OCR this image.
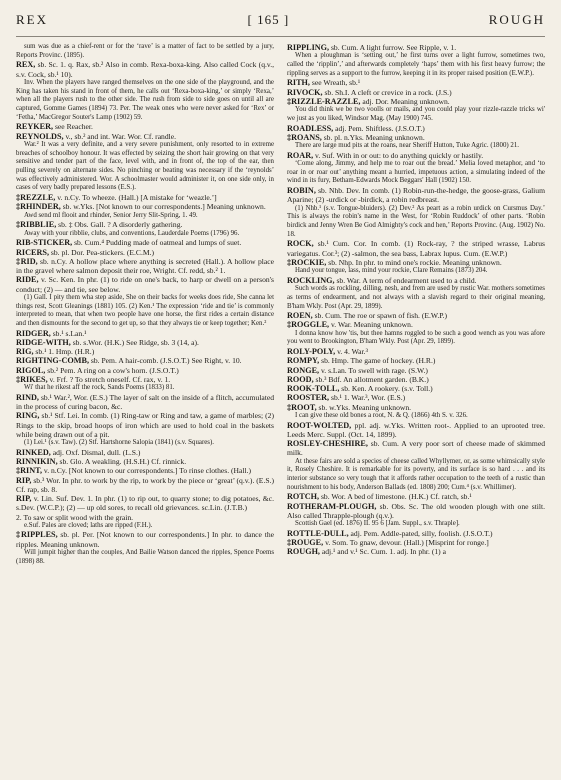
REX	[ 165 ]	ROUGH

sum was due as a chief-rent or for the ‘rave’ is a matter of fact to be settled by a jury, Reports Provinc. (1895).

REX, sb. Sc. 1. q. Rax, sb.² Also in comb. Rexa-boxa-king. Also called Cock (q.v., s.v. Cock, sb.¹ 10).

Inv. When the players have ranged themselves on the one side of the playground, and the King has taken his stand in front of them, he calls out ‘Rexa-boxa-king,’ or simply ‘Rexa,’ when all the players rush to the other side. The rush from side to side goes on until all are captured, Gomme Games (1894) 73. Per. The weak ones who were never asked for ‘Rex’ or ‘Fetha,’ MacGregor Souter's Lamp (1902) 59.

REYKER, see Reacher.

REYNOLDS, v., sb.² and int. War. Wor. Cf. randle.

War.² It was a very definite, and a very severe punishment, only resorted to in extreme breaches of schoolboy honour. It was effected by seizing the short hair growing on that very sensitive and tender part of the face, level with, and in front of, the top of the ear, then pulling severely on alternate sides. No pinching or beating was necessary if the ‘reynolds’ was effectively administered. Wor. A schoolmaster would administer it, on one side only, in cases of very badly prepared lessons (E.S.).

‡REZZLE, v. n.Cy. To wheeze. (Hall.) [A mistake for ‘weazle.’]

‡RHINDER, sb. w.Yks. [Not known to our correspondents.] Meaning unknown.

Awd send ml flooit and rhinder, Senior Jerry Slit-Spring, 1. 49.

‡RIBBLIE, sb. ‡ Obs. Gall. ? A disorderly gathering.

Away with your ribblie, clubs, and conventions, Lauderdale Poems (1796) 96.

RIB-STICKER, sb. Cum.⁴ Pudding made of oatmeal and lumps of suet.

RICERS, sb. pl. Dor. Pea-stickers. (E.C.M.)

‡RID, sb. n.Cy. A hollow place where anything is secreted (Hall.). A hollow place in the gravel where salmon deposit their roe, Wright. Cf. redd, sb.² 1.

RIDE, v. Sc. Ken. In phr. (1) to ride on one's back, to harp or dwell on a person's conduct; (2) — and tie, see below.

(1) Gall. I pity them wha step aside, She on their backs for weeks does ride, She canna let things rest, Scott Gleanings (1881) 105. (2) Ken.¹ The expression ‘ride and tie’ is commonly interpreted to mean, that when two people have one horse, the first rides a certain distance and then dismounts for the second to get up, so that they always tie or keep together; Ken.²

RIDGER, sb.¹ s.Lan.¹

RIDGE-WITH, sb. s.Wor. (H.K.) See Ridge, sb. 3 (14, a).

RIG, sb.¹ 1. Hmp. (H.R.)

RIGHTING-COMB, sb. Pem. A hair-comb. (J.S.O.T.) See Right, v. 10.

RIGOL, sb.² Pem. A ring on a cow's horn. (J.S.O.T.)

‡RIKES, v. Frf. ? To stretch oneself. Cf. rax, v. 1.

Wi' that he rikest aff the rock, Sands Poems (1833) 81.

RIND, sb.¹ War.², Wor. (E.S.) The layer of salt on the inside of a flitch, accumulated in the process of curing bacon, &c.

RING, sb.¹ Stf. Lei. In comb. (1) Ring-taw or Ring and taw, a game of marbles; (2) Rings to the skip, broad hoops of iron which are used to hold coal in the baskets while being drawn out of a pit.

(1) Lei.¹ (s.v. Taw). (2) Stf. Hartshorne Salopia (1841) (s.v. Squares).

RINKED, adj. Oxf. Dismal, dull. (L.S.)

RINNIKIN, sb. Glo. A weakling. (H.S.H.) Cf. rinnick.

‡RINT, v. n.Cy. [Not known to our correspondents.] To rinse clothes. (Hall.)

RIP, sb.³ Wor. In phr. to work by the rip, to work by the piece or ‘great’ (q.v.). (E.S.) Cf. rap, sb. 8.

RIP, v. Lin. Suf. Dev. 1. In phr. (1) to rip out, to quarry stone; to dig potatoes, &c. s.Dev. (W.C.P.); (2) — up old sores, to recall old grievances. sc.Lin. (J.T.B.)

2. To saw or split wood with the grain.

e.Suf. Pales are cloved; laths are ripped (F.H.).

‡RIPPLES, sb. pl. Per. [Not known to our correspondents.] In phr. to dance the ripples. Meaning unknown.

Will jumpit higher than the couples, And Bailie Watson danced the ripples, Spence Poems (1898) 88.

RIPPLING, sb. Cum. A light furrow. See Ripple, v. 1.

When a ploughman is ‘setting out,’ he first turns over a light furrow, sometimes two, called the ‘ripplin’,’ and afterwards completely ‘haps’ them with his first heavy furrow; the rippling serves as a support to the furrow, keeping it in its proper raised position (E.W.P.).

RITH, see Wreath, sb.¹

RIVOCK, sb. Sh.I. A cleft or crevice in a rock. (J.S.)

‡RIZZLE-RAZZLE, adj. Dor. Meaning unknown.

You did think we be two voolls or mails, and you could play your rizzle-razzle tricks wi' we just as you liked, Windsor Mag. (May 1900) 745.

ROADLESS, adj. Pem. Shiftless. (J.S.O.T.)

‡ROANS, sb. pl. n.Yks. Meaning unknown.

There are large mud pits at the roans, near Sheriff Hutton, Tuke Agric. (1800) 21.

ROAR, v. Suf. With in or out: to do anything quickly or hastily.

‘Come along, Jimmy, and help me to roar out the bread.’ Melia loved metaphor, and ‘to roar in or roar out’ anything meant a hurried, impetuous action, a simulating indeed of the wind in its fury, Betham-Edwards Mock Beggars' Hall (1902) 150.

ROBIN, sb. Nhb. Dev. In comb. (1) Robin-run-the-hedge, the goose-grass, Galium Aparine; (2) -urdick or -birdick, a robin redbreast.

(1) Nhb.¹ (s.v. Tongue-bluiders). (2) Dev.² As peart as a robin urdick on Cursmus Day.’ This is always the robin's name in the West, for ‘Robin Ruddock’ of other parts. ‘Robin birdick and Jenny Wren Be God Almighty's cock and hen,’ Reports Provinc. (Aug. 1902) No. 18.

ROCK, sb.¹ Cum. Cor. In comb. (1) Rock-ray, ? the striped wrasse, Labrus variegatus. Cor.³; (2) -salmon, the sea bass, Labrax lupus. Cum. (E.W.P.)

‡ROCKIE, sb. Nhp. In phr. to mind one's rockie. Meaning unknown.

Hand your tongue, lass, mind your rockie, Clare Remains (1873) 204.

ROCKLING, sb. War. A term of endearment used to a child.

Such words as rockling, dilling, nesh, and frem are used by rustic War. mothers sometimes as terms of endearment, and not always with a slavish regard to their original meaning, B'ham Wkly. Post (Apr. 29, 1899).

ROEN, sb. Cum. The roe or spawn of fish. (E.W.P.)

‡ROGGLE, v. War. Meaning unknown.

I donna know how 'tis, but thee hamns roggled to be such a good wench as you was afore you went to Brookington, B'ham Wkly. Post (Apr. 29, 1899).

ROLY-POLY, v. 4. War.³

ROMPY, sb. Hmp. The game of hockey. (H.R.)

RONGE, v. s.Lan. To swell with rage. (S.W.)

ROOD, sb.³ Bdf. An allotment garden. (B.K.)

ROOK-TOLL, sb. Ken. A rookery. (s.v. Toll.)

ROOSTER, sb.¹ 1. War.³, Wor. (E.S.)

‡ROOT, sb. w.Yks. Meaning unknown.

I can give these old bones a root, N. & Q. (1866) 4th S. v. 326.

ROOT-WOLTED, ppl. adj. w.Yks. Written root-. Applied to an uprooted tree. Leeds Merc. Suppl. (Oct. 14, 1899).

ROSLEY-CHESHIRE, sb. Cum. A very poor sort of cheese made of skimmed milk.

At these fairs are sold a species of cheese called Whyllymer, or, as some whimsically style it, Rosely Cheshire. It is remarkable for its poverty, and its surface is so hard . . . and its interior substance so very tough that it affords rather occupation to the teeth of a rustic than nourishment to his body, Anderson Ballads (ed. 1808) 200; Cum.⁴ (s.v. Whillimer).

ROTCH, sb. Wor. A bed of limestone. (H.K.) Cf. ratch, sb.¹

ROTHERAM-PLOUGH, sb. Obs. Sc. The old wooden plough with one stilt. Also called Thrapple-plough (q.v.).

Scottish Gael (ed. 1876) II. 95 6 [Jam. Suppl., s.v. Thraple].

ROTTLE-DULL, adj. Pem. Addle-pated, silly, foolish. (J.S.O.T.)

‡ROUGE, v. Som. To gnaw, devour. (Hall.) [Misprint for ronge.]

ROUGH, adj.¹ and v.¹ Sc. Cum. 1. adj. In phr. (1) a
